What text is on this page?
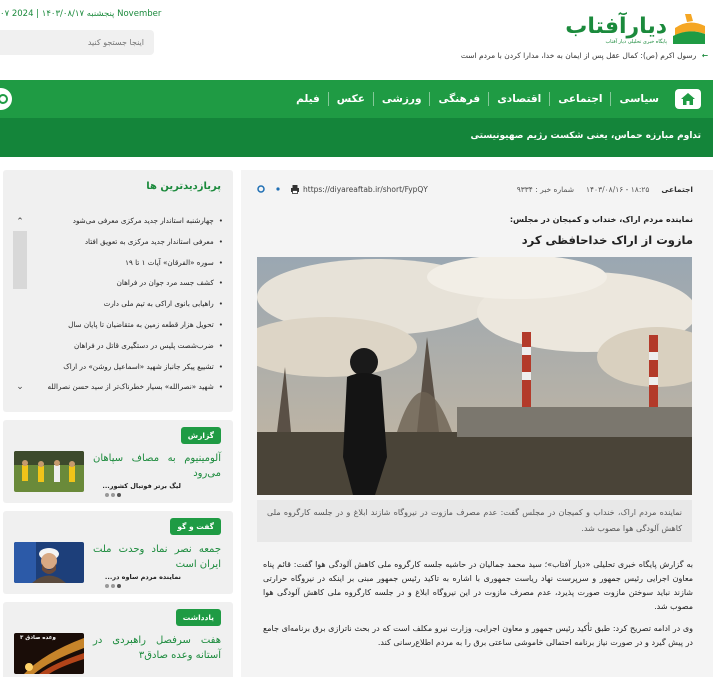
پنجشنبه ۱۴۰۳/۰۸/۱۷ | 2024 ۰۷ November
اینجا جستجو کنید	دیارآفتاب
پایگاه خبری تحلیلی دیار آفتاب
← رسول اکرم (ص): کمال عقل پس از ایمان به خدا، مدارا کردن با مردم است
سیاسی
اجتماعی
اقتصادی
فرهنگی
ورزشی
عکس
فیلم
تداوم مبارزه حماس، یعنی شکست رژیم صهیونیستی
پربازدیدترین ها
• چهارشنبه استاندار جدید مرکزی معرفی می‌شود
• معرفی استاندار جدید مرکزی به تعویق افتاد
• سوره «الفرقان» آیات ۱ تا ۱۹
• کشف جسد مرد جوان در فراهان
• راهیابی بانوی اراکی به تیم ملی دارت
• تحویل هزار قطعه زمین به متقاضیان تا پایان سال
• ضرب‌شصت پلیس در دستگیری قاتل در فراهان
• تشییع پیکر جانباز شهید «اسماعیل روشن» در اراک
• شهید «نصرالله» بسیار خطرناک‌تر از سید حسن نصرالله
⌃
⌄
گزارش
آلومینیوم به مصاف سپاهان می‌رود
لیگ برتر فوتبال کشور...
گفت و گو
جمعه نصر نماد وحدت ملت ایران است
نماینده مردم ساوه در...
یادداشت
وعده صادق ۳	هفت سرفصل راهبردی در آستانه وعده صادق۳
اجتماعی
۱۸:۲۵ - ۱۴۰۳/۰۸/۱۶
شماره خبر : ۹۳۳۴
https://diyareaftab.ir/short/FypQY
نماینده مردم اراک، خنداب و کمیجان در مجلس:
مازوت از اراک خداحافظی کرد
نماینده مردم اراک، خنداب و کمیجان در مجلس گفت: عدم مصرف مازوت در نیروگاه شازند ابلاغ و در جلسه کارگروه ملی کاهش آلودگی هوا مصوب شد.

به گزارش پایگاه خبری تحلیلی «دیار آفتاب»؛ سید محمد جمالیان در حاشیه جلسه کارگروه ملی کاهش آلودگی هوا گفت: قائم پناه معاون اجرایی رئیس جمهور و سرپرست نهاد ریاست جمهوری با اشاره به تاکید رئیس جمهور مبنی بر اینکه در نیروگاه حرارتی شازند نباید سوختن مازوت صورت پذیرد، عدم مصرف مازوت در این نیروگاه ابلاغ و در جلسه کارگروه ملی کاهش آلودگی هوا مصوب شد.

وی در ادامه تصریح کرد: طبق تأکید رئیس جمهور و معاون اجرایی، وزارت نیرو مکلف است که در بحث ناترازی برق برنامه‌ای جامع در پیش گیرد و در صورت نیاز برنامه احتمالی خاموشی ساعتی برق را به مردم اطلاع‌رسانی کند.
